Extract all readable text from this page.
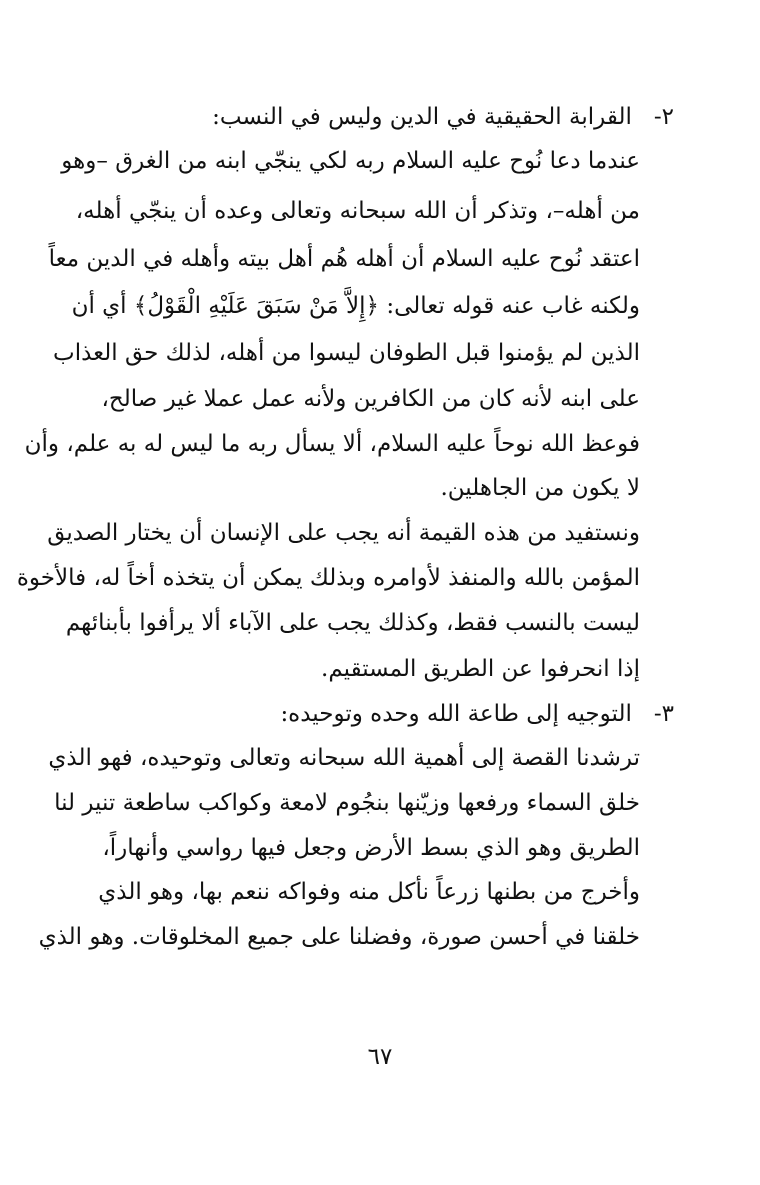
٢-القرابة الحقيقية في الدين وليس في النسب:
عندما دعا نُوح عليه السلام ربه لكي ينجّي ابنه من الغرق –وهو
من أهله–، وتذكر أن الله سبحانه وتعالى وعده أن ينجّي أهله،
اعتقد نُوح عليه السلام أن أهله هُم أهل بيته وأهله في الدين معاً
ولكنه غاب عنه قوله تعالى: ﴿إِلاَّ مَنْ سَبَقَ عَلَيْهِ الْقَوْلُ﴾ أي أن
الذين لم يؤمنوا قبل الطوفان ليسوا من أهله، لذلك حق العذاب
على ابنه لأنه كان من الكافرين ولأنه عمل عملا غير صالح،
فوعظ الله نوحاً عليه السلام، ألا يسأل ربه ما ليس له به علم، وأن
لا يكون من الجاهلين.
ونستفيد من هذه القيمة أنه يجب على الإنسان أن يختار الصديق
المؤمن بالله والمنفذ لأوامره وبذلك يمكن أن يتخذه أخاً له، فالأخوة
ليست بالنسب فقط، وكذلك يجب على الآباء ألا يرأفوا بأبنائهم
إذا انحرفوا عن الطريق المستقيم.
٣-التوجيه إلى طاعة الله وحده وتوحيده:
ترشدنا القصة إلى أهمية الله سبحانه وتعالى وتوحيده، فهو الذي
خلق السماء ورفعها وزيّنها بنجُوم لامعة وكواكب ساطعة تنير لنا
الطريق وهو الذي بسط الأرض وجعل فيها رواسي وأنهاراً،
وأخرج من بطنها زرعاً نأكل منه وفواكه ننعم بها، وهو الذي
خلقنا في أحسن صورة، وفضلنا على جميع المخلوقات. وهو الذي
٦٧
